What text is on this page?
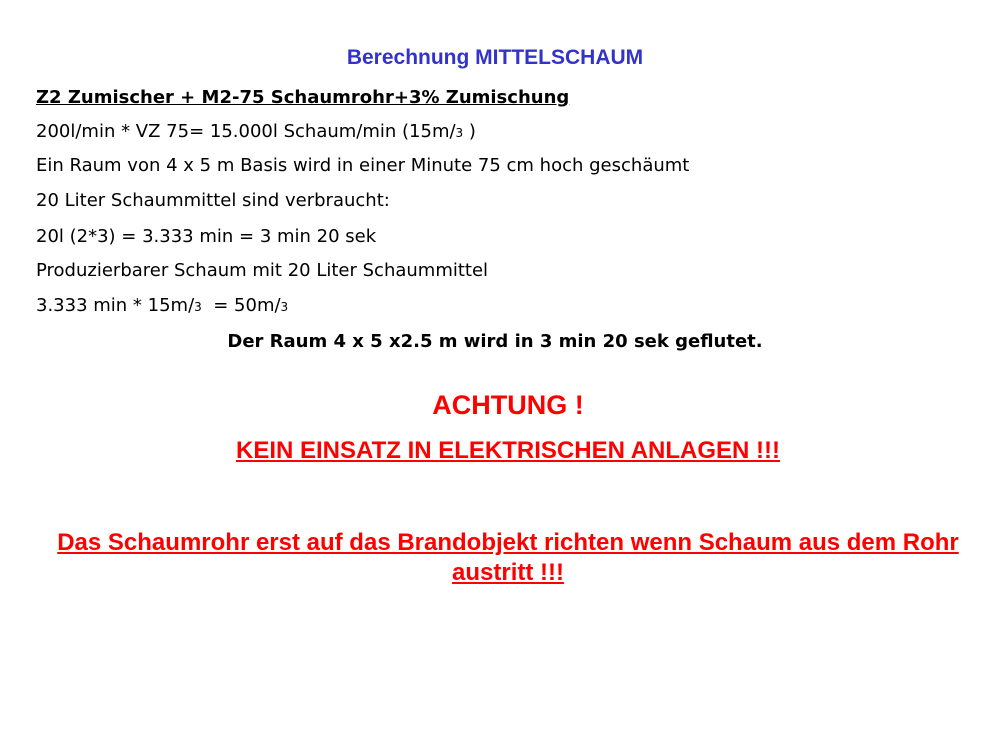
Berechnung MITTELSCHAUM
Z2 Zumischer + M2-75 Schaumrohr+3% Zumischung
200l/min * VZ 75= 15.000l Schaum/min (15m/3 )
Ein Raum von 4 x 5 m Basis wird in einer Minute 75 cm hoch geschäumt
20 Liter Schaummittel sind verbraucht:
20l (2*3) = 3.333 min = 3 min 20 sek
Produzierbarer Schaum mit 20 Liter Schaummittel
3.333 min * 15m/3  = 50m/3
Der Raum 4 x 5 x2.5 m wird in 3 min 20 sek geflutet.
ACHTUNG !
KEIN EINSATZ IN ELEKTRISCHEN ANLAGEN !!!
Das Schaumrohr erst auf das Brandobjekt richten wenn Schaum aus dem Rohr austritt !!!
